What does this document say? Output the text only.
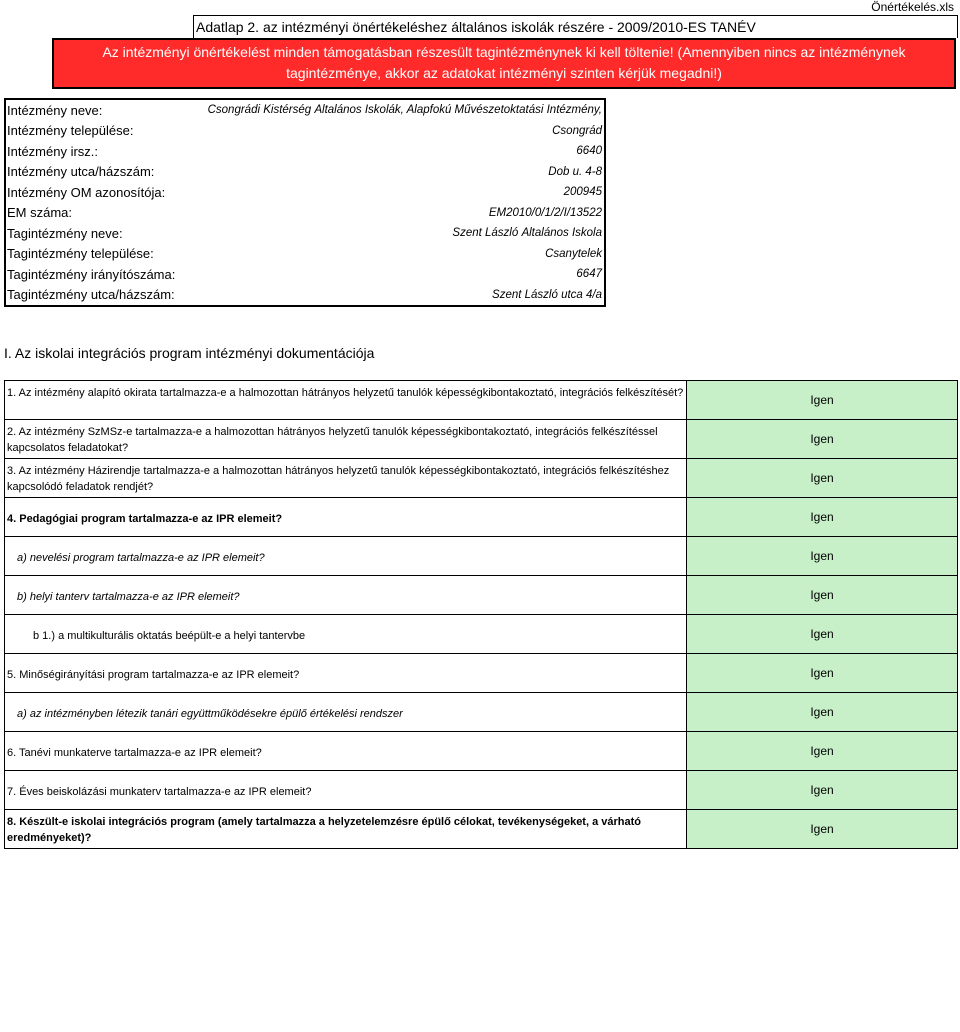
Önértékelés.xls
Adatlap 2. az intézményi önértékeléshez általános iskolák részére - 2009/2010-ES TANÉV
Az intézményi önértékelést minden támogatásban részesült tagintézménynek ki kell töltenie! (Amennyiben nincs az intézménynek
tagintézménye, akkor az adatokat intézményi szinten kérjük megadni!)
Intézmény neve:	Csongrádi Kistérség Általános Iskolák, Alapfokú Művészetoktatási Intézmény,
Intézmény települése:	Csongrád
Intézmény irsz.:	6640
Intézmény utca/házszám:	Dob u. 4-8
Intézmény OM azonosítója:	200945
EM száma:	EM2010/0/1/2/I/13522
Tagintézmény neve:	Szent László Általános Iskola
Tagintézmény települése:	Csanytelek
Tagintézmény irányítószáma:	6647
Tagintézmény utca/házszám:	Szent László utca 4/a
I. Az iskolai integrációs program intézményi dokumentációja
1. Az intézmény alapító okirata tartalmazza-e a halmozottan hátrányos helyzetű tanulók képességkibontakoztató, integrációs felkészítését?	Igen
2. Az intézmény SzMSz-e tartalmazza-e a halmozottan hátrányos helyzetű tanulók képességkibontakoztató, integrációs felkészítéssel kapcsolatos feladatokat?
Igen
3. Az intézmény Házirendje tartalmazza-e a halmozottan hátrányos helyzetű tanulók képességkibontakoztató, integrációs felkészítéshez kapcsolódó feladatok rendjét?
Igen
4. Pedagógiai program tartalmazza-e az IPR elemeit?	Igen
a) nevelési program tartalmazza-e az IPR elemeit?	Igen
b) helyi tanterv tartalmazza-e az IPR elemeit?	Igen
b 1.) a multikulturális oktatás beépült-e a helyi tantervbe	Igen
5. Minőségirányítási program tartalmazza-e az IPR elemeit?	Igen
a) az intézményben létezik tanári együttműködésekre épülő értékelési rendszer	Igen
6. Tanévi munkaterve tartalmazza-e az IPR elemeit?	Igen
7. Éves beiskolázási munkaterv tartalmazza-e az IPR elemeit?	Igen
8. Készült-e iskolai integrációs program (amely tartalmazza a helyzetelemzésre épülő célokat, tevékenységeket, a várható eredményeket)?
Igen
